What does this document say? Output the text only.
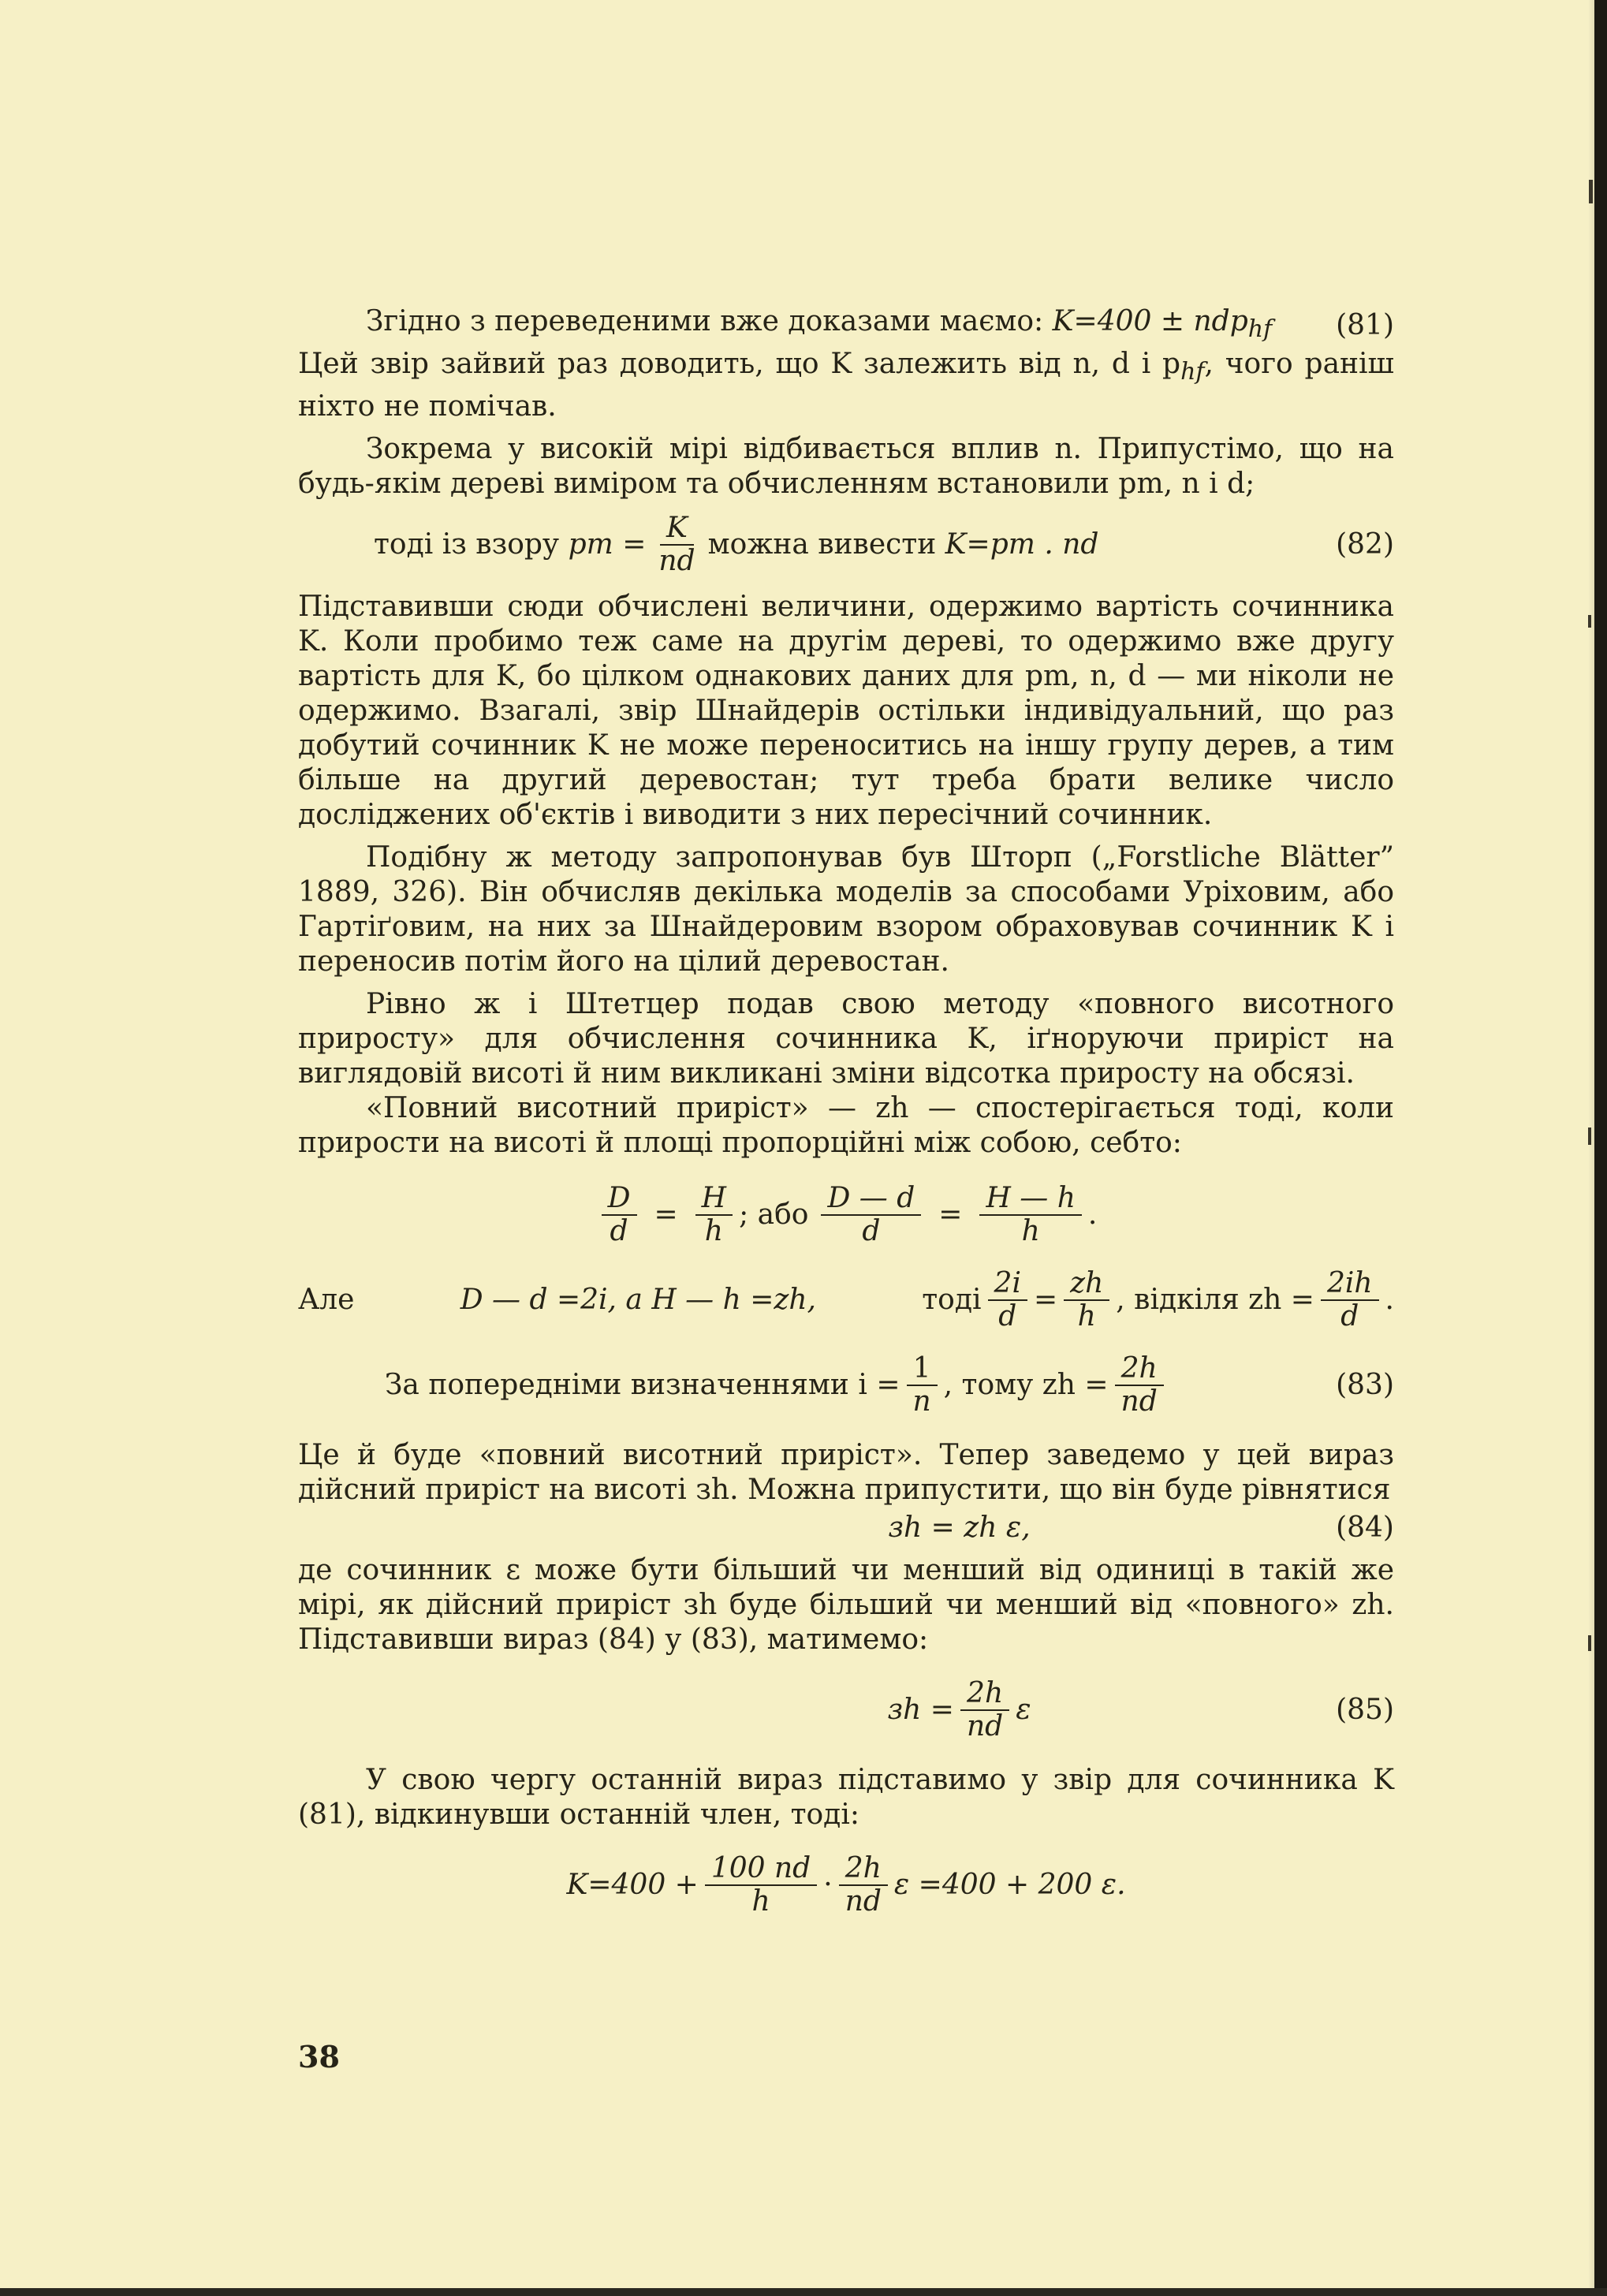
Згідно з переведеними вже доказами маємо: K=400 ± ndp$_{hf}$ (81)

Цей звір зайвий раз доводить, що K залежить від n, d і $p_{hf}$, чого раніш ніхто не помічав.

Зокрема у високій мірі відбивається вплив n. Припустімо, що на будь-якім дереві виміром та обчисленням встановили pm, n і d;

тоді із взору
pm = $\frac{K}{nd}$ можна вивести
K=pm . nd	(82)

Підставивши сюди обчислені величини, одержимо вартість сочинника K. Коли пробимо теж саме на другім дереві, то одержимо вже другу вартість для K, бо цілком однакових даних для pm, n, d — ми ніколи не одержимо. Взагалі, звір Шнайдерів остільки індивідуальний, що раз добутий сочинник K не може переноситись на іншу групу дерев, а тим більше на другий деревостан; тут треба брати велике число досліджених об'єктів і виводити з них пересічний сочинник.

Подібну ж методу запропонував був Шторп („Forstliche Blätter” 1889, 326). Він обчисляв декілька моделів за способами Уріховим, або Гартіґовим, на них за Шнайдеровим взором обраховував сочинник K і переносив потім його на цілий деревостан.

Рівно ж і Штетцер подав свою методу «повного висотного приросту» для обчислення сочинника K, іґноруючи приріст на виглядовій висоті й ним викликані зміни відсотка приросту на обсязі.

«Повний висотний приріст» — zh — спостерігається тоді, коли прирости на висоті й площі пропорційні між собою, себто:

$\frac{D}{d} = \frac{H}{h}$ ; або $\frac{D — d}{d} = \frac{H — h}{h}$ .
Але	D — d =2i, а H — h =zh,	тоді $\frac{2i}{d} = \frac{zh}{h}$ , відкіля zh = $\frac{2ih}{d}$ .
За попередніми визначеннями $i = \frac{1}{n}$ , тому zh = $\frac{2h}{nd}$	(83)

Це й буде «повний висотний приріст». Тепер заведемо у цей вираз дійсний приріст на висоті зh. Можна припустити, що він буде рівнятися

зh = zh ε,	(84)

де сочинник ε може бути більший чи менший від одиниці в такій же мірі, як дійсний приріст зh буде більший чи менший від «повного» zh. Підставивши вираз (84) у (83), матимемо:

зh = $\frac{2h}{nd}$ ε	(85)

У свою чергу останній вираз підставимо у звір для сочинника K (81), відкинувши останній член, тоді:

$K=400 + \frac{100 nd}{h} \cdot \frac{2h}{nd}$ ε =400 + 200 ε.
38
